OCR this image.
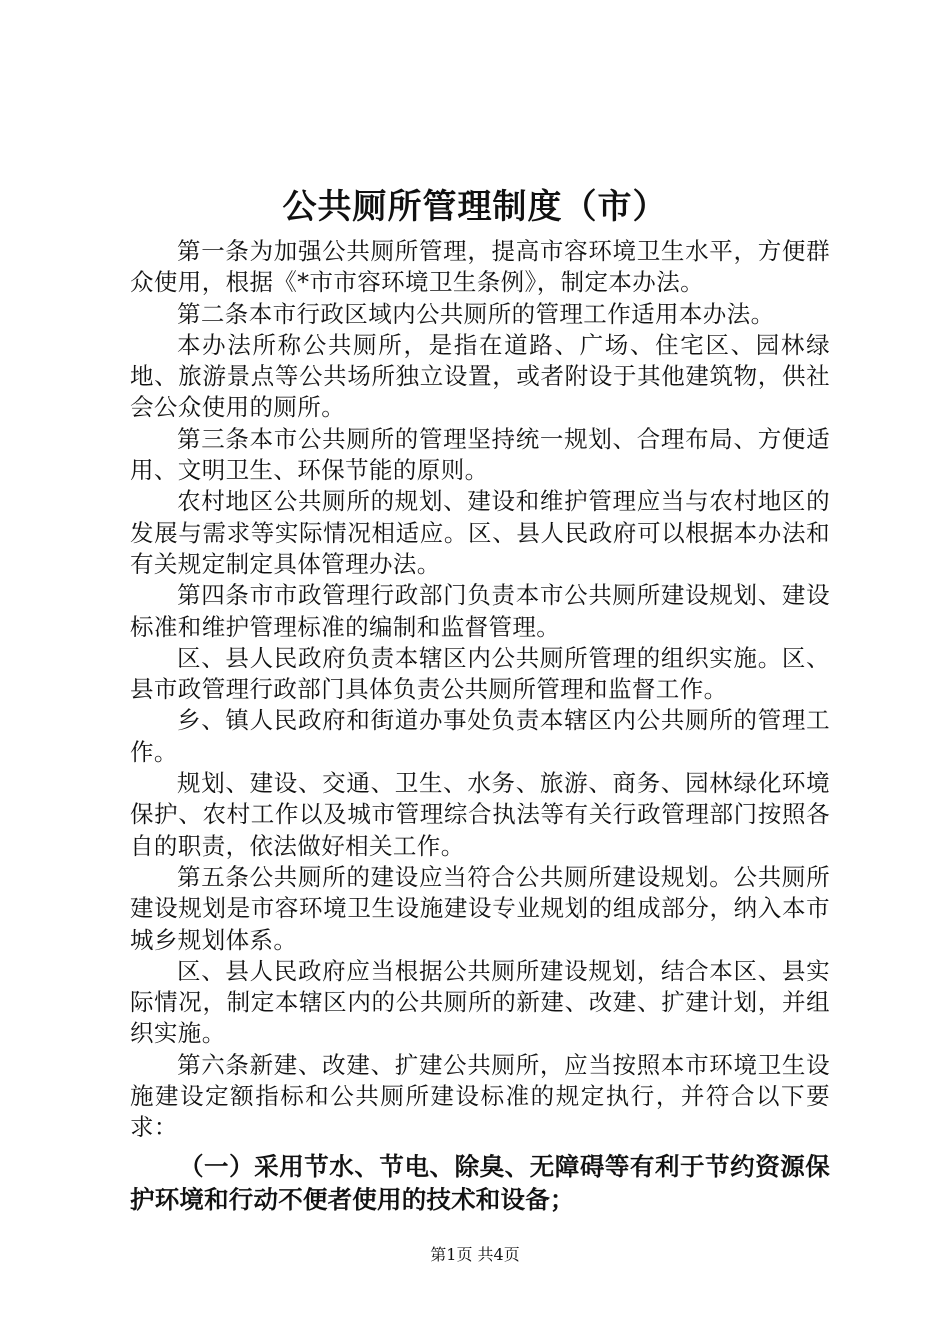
公共厕所管理制度（市）

第一条为加强公共厕所管理，提高市容环境卫生水平，方便群众使用，根据《*市市容环境卫生条例》，制定本办法。

第二条本市行政区域内公共厕所的管理工作适用本办法。

本办法所称公共厕所，是指在道路、广场、住宅区、园林绿地、旅游景点等公共场所独立设置，或者附设于其他建筑物，供社会公众使用的厕所。

第三条本市公共厕所的管理坚持统一规划、合理布局、方便适用、文明卫生、环保节能的原则。

农村地区公共厕所的规划、建设和维护管理应当与农村地区的发展与需求等实际情况相适应。区、县人民政府可以根据本办法和有关规定制定具体管理办法。

第四条市市政管理行政部门负责本市公共厕所建设规划、建设标准和维护管理标准的编制和监督管理。

区、县人民政府负责本辖区内公共厕所管理的组织实施。区、县市政管理行政部门具体负责公共厕所管理和监督工作。

乡、镇人民政府和街道办事处负责本辖区内公共厕所的管理工作。

规划、建设、交通、卫生、水务、旅游、商务、园林绿化环境保护、农村工作以及城市管理综合执法等有关行政管理部门按照各自的职责，依法做好相关工作。

第五条公共厕所的建设应当符合公共厕所建设规划。公共厕所建设规划是市容环境卫生设施建设专业规划的组成部分，纳入本市城乡规划体系。

区、县人民政府应当根据公共厕所建设规划，结合本区、县实际情况，制定本辖区内的公共厕所的新建、改建、扩建计划，并组织实施。

第六条新建、改建、扩建公共厕所，应当按照本市环境卫生设施建设定额指标和公共厕所建设标准的规定执行，并符合以下要求：

（一）采用节水、节电、除臭、无障碍等有利于节约资源保护环境和行动不便者使用的技术和设备；

第1页 共4页
